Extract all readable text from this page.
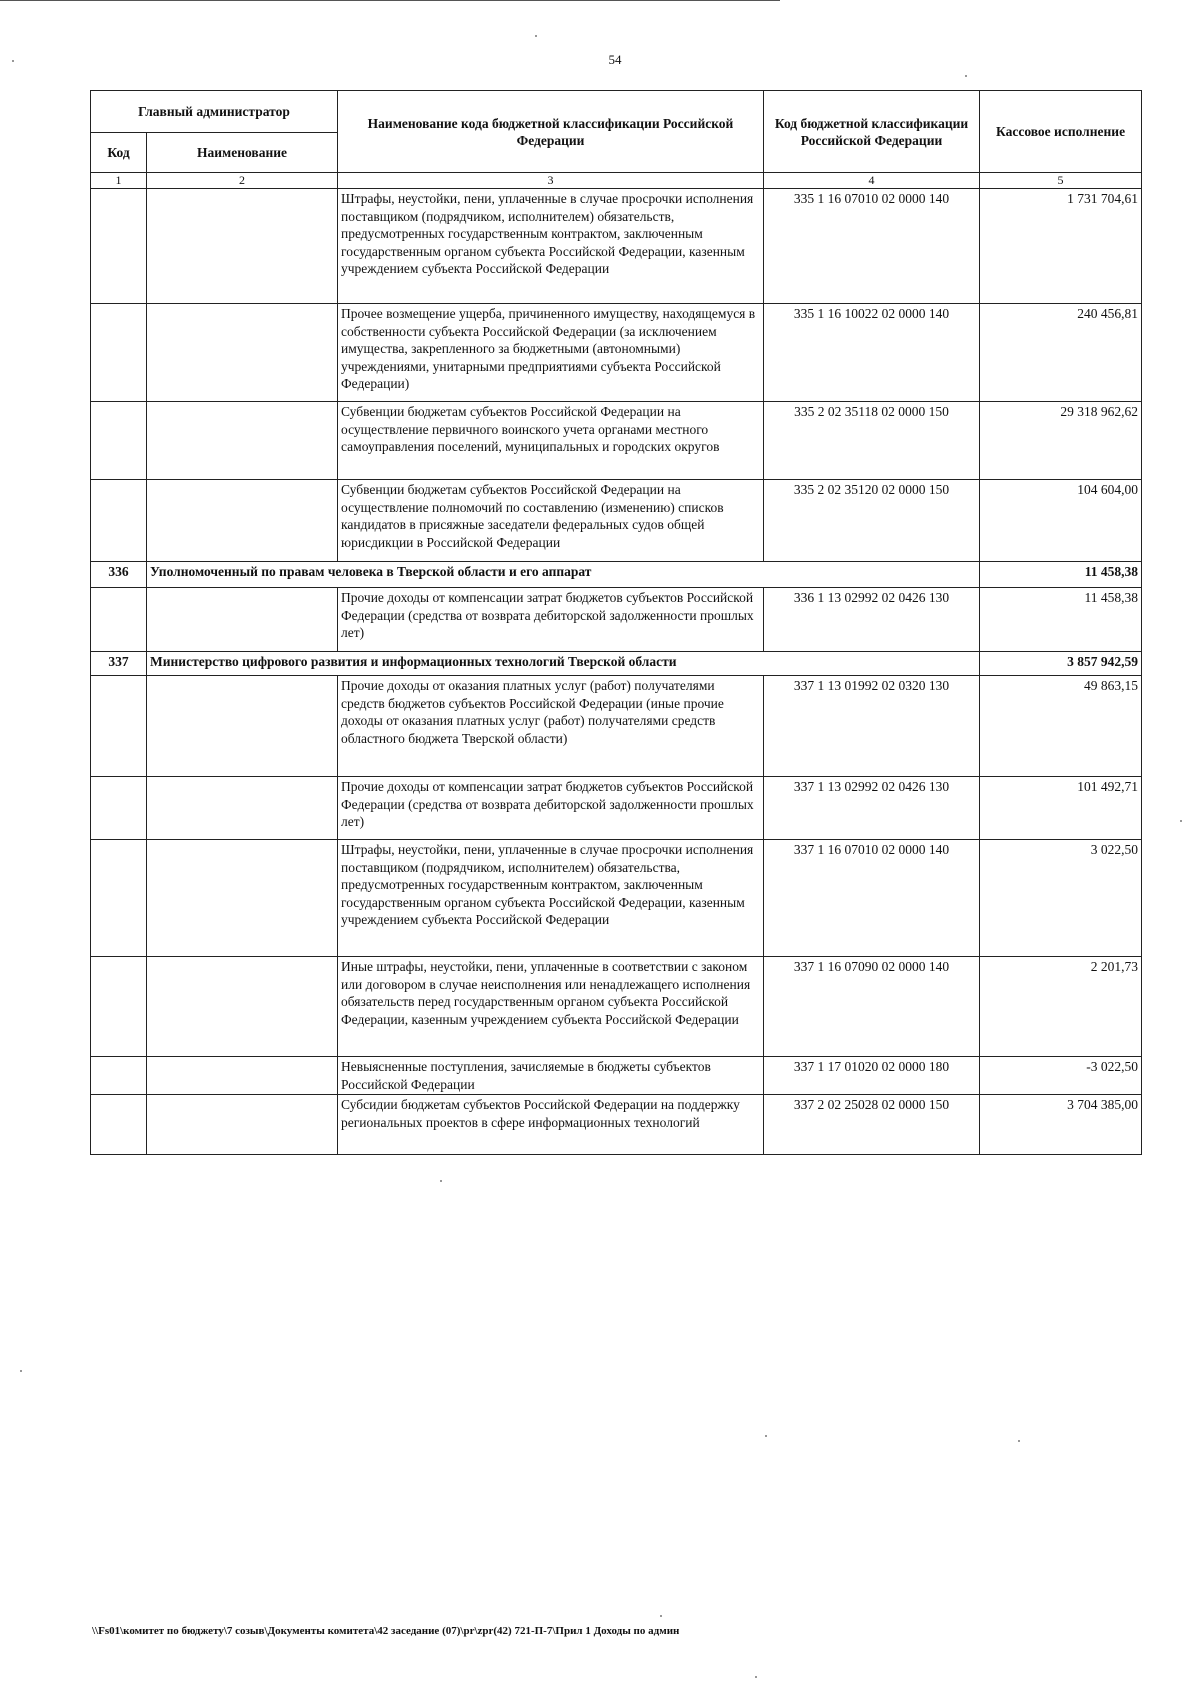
54
Главный администратор		Наименование кода бюджетной классификации Российской Федерации	Код бюджетной классификации Российской Федерации	Кассовое исполнение
Код	Наименование			
1	2	3	4	5
		Штрафы, неустойки, пени, уплаченные в случае просрочки исполнения поставщиком (подрядчиком, исполнителем) обязательств, предусмотренных государственным контрактом, заключенным государственным органом субъекта Российской Федерации, казенным учреждением субъекта Российской Федерации	335 1 16 07010 02 0000 140	1 731 704,61
		Прочее возмещение ущерба, причиненного имуществу, находящемуся в собственности субъекта Российской Федерации (за исключением имущества, закрепленного за бюджетными (автономными) учреждениями, унитарными предприятиями субъекта Российской Федерации)	335 1 16 10022 02 0000 140	240 456,81
		Субвенции бюджетам субъектов Российской Федерации на осуществление первичного воинского учета органами местного самоуправления поселений, муниципальных и городских округов	335 2 02 35118 02 0000 150	29 318 962,62
		Субвенции бюджетам субъектов Российской Федерации на осуществление полномочий по составлению (изменению) списков кандидатов в присяжные заседатели федеральных судов общей юрисдикции в Российской Федерации	335 2 02 35120 02 0000 150	104 604,00
336	Уполномоченный по правам человека в Тверской области и его аппарат			11 458,38
		Прочие доходы от компенсации затрат бюджетов субъектов Российской Федерации (средства от возврата дебиторской задолженности прошлых лет)	336 1 13 02992 02 0426 130	11 458,38
337	Министерство цифрового развития и информационных технологий Тверской области			3 857 942,59
		Прочие доходы от оказания платных услуг (работ) получателями средств бюджетов субъектов Российской Федерации (иные прочие доходы от оказания платных услуг (работ) получателями средств областного бюджета Тверской области)	337 1 13 01992 02 0320 130	49 863,15
		Прочие доходы от компенсации затрат бюджетов субъектов Российской Федерации (средства от возврата дебиторской задолженности прошлых лет)	337 1 13 02992 02 0426 130	101 492,71
		Штрафы, неустойки, пени, уплаченные в случае просрочки исполнения поставщиком (подрядчиком, исполнителем) обязательства, предусмотренных государственным контрактом, заключенным государственным органом субъекта Российской Федерации, казенным учреждением субъекта Российской Федерации	337 1 16 07010 02 0000 140	3 022,50
		Иные штрафы, неустойки, пени, уплаченные в соответствии с законом или договором в случае неисполнения или ненадлежащего исполнения обязательств перед государственным органом субъекта Российской Федерации, казенным учреждением субъекта Российской Федерации	337 1 16 07090 02 0000 140	2 201,73
		Невыясненные поступления, зачисляемые в бюджеты субъектов Российской Федерации	337 1 17 01020 02 0000 180	-3 022,50
		Субсидии бюджетам субъектов Российской Федерации на поддержку региональных проектов в сфере информационных технологий	337 2 02 25028 02 0000 150	3 704 385,00
\\Fs01\комитет по бюджету\7 созыв\Документы комитета\42 заседание (07)\pr\zpr(42) 721-П-7\Прил 1 Доходы по админ
